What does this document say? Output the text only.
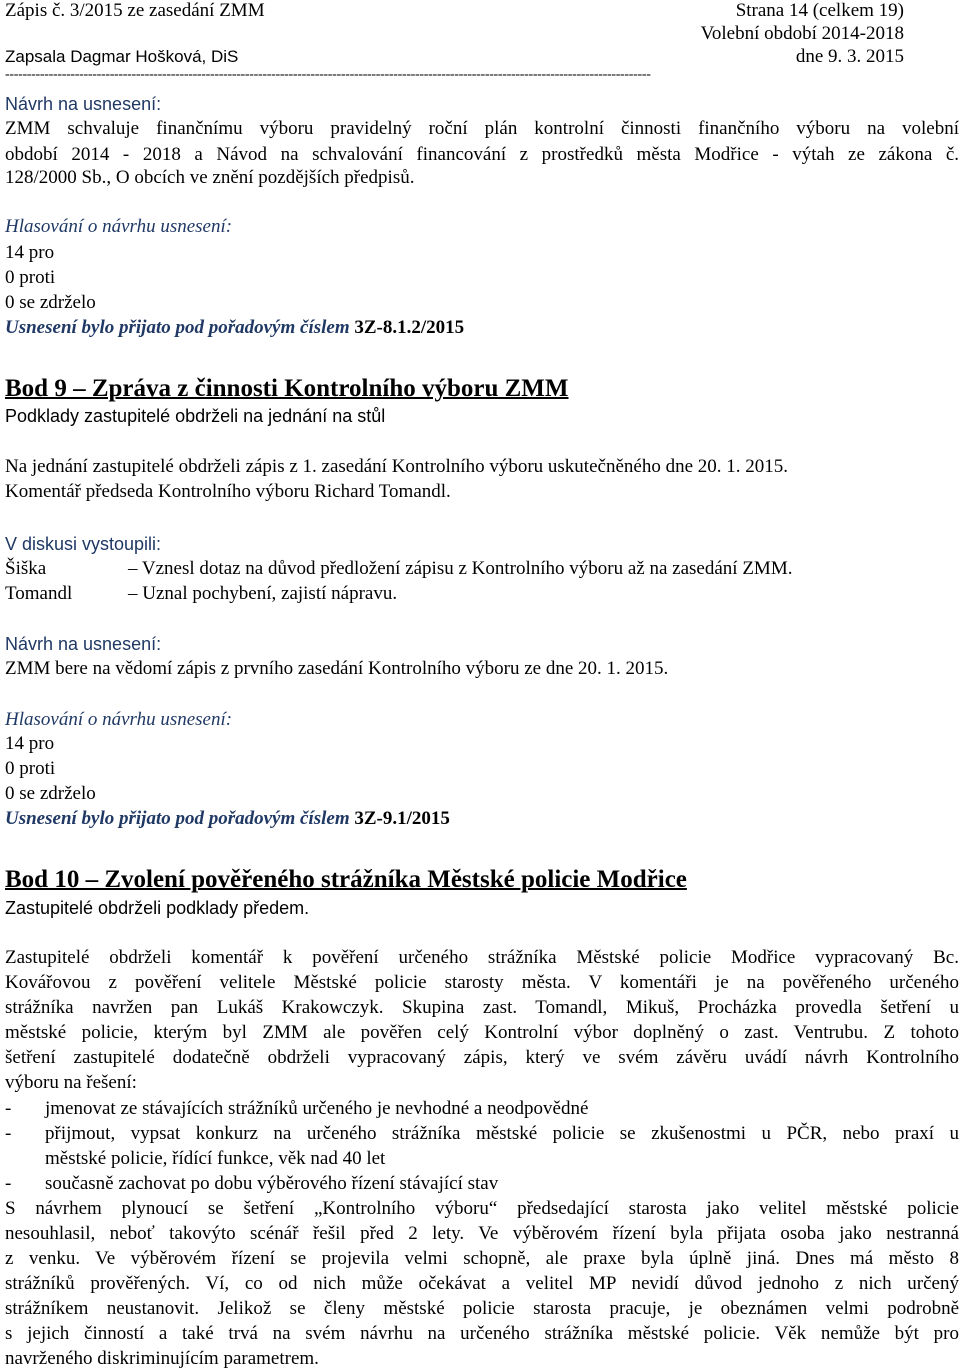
Zápis č. 3/2015 ze zasedání ZMM	Strana 14 (celkem 19)
Volební období 2014-2018
Zapsala Dagmar Hošková, DiS	dne 9. 3. 2015
----------------------------------------------------------------------------------------------------------------------------------------------------
Návrh na usnesení:
ZMM schvaluje finančnímu výboru pravidelný roční plán kontrolní činnosti finančního výboru na volební
období 2014 - 2018 a Návod na schvalování financování z prostředků města Modřice - výtah ze zákona č.
128/2000 Sb., O obcích ve znění pozdějších předpisů.
Hlasování o návrhu usnesení:
14 pro
0 proti
0 se zdrželo
Usnesení bylo přijato pod pořadovým číslem 3Z-8.1.2/2015
Bod 9 – Zpráva z činnosti Kontrolního výboru ZMM
Podklady zastupitelé obdrželi na jednání na stůl
Na jednání zastupitelé obdrželi zápis z 1. zasedání Kontrolního výboru uskutečněného dne 20. 1. 2015.
Komentář předseda Kontrolního výboru Richard Tomandl.
V diskusi vystoupili:
Šiška	– Vznesl dotaz na důvod předložení zápisu z Kontrolního výboru až na zasedání ZMM.
Tomandl	– Uznal pochybení, zajistí nápravu.
Návrh na usnesení:
ZMM bere na vědomí zápis z prvního zasedání Kontrolního výboru ze dne 20. 1. 2015.
Hlasování o návrhu usnesení:
14 pro
0 proti
0 se zdrželo
Usnesení bylo přijato pod pořadovým číslem 3Z-9.1/2015
Bod 10 – Zvolení pověřeného strážníka Městské policie Modřice
Zastupitelé obdrželi podklady předem.
Zastupitelé obdrželi komentář k pověření určeného strážníka Městské policie Modřice vypracovaný Bc.
Kovářovou z pověření velitele Městské policie starosty města. V komentáři je na pověřeného určeného
strážníka navržen pan Lukáš Krakowczyk. Skupina zast. Tomandl, Mikuš, Procházka provedla šetření u
městské policie, kterým byl ZMM ale pověřen celý Kontrolní výbor doplněný o zast. Ventrubu. Z tohoto
šetření zastupitelé dodatečně obdrželi vypracovaný zápis, který ve svém závěru uvádí návrh Kontrolního
výboru na řešení:
- jmenovat ze stávajících strážníků určeného je nevhodné a neodpovědné
- přijmout, vypsat konkurz na určeného strážníka městské policie se zkušenostmi u PČR, nebo praxí u
městské policie, řídící funkce, věk nad 40 let
- současně zachovat po dobu výběrového řízení stávající stav
S návrhem plynoucí se šetření „Kontrolního výboru“ předsedající starosta jako velitel městské policie
nesouhlasil, neboť takovýto scénář řešil před 2 lety. Ve výběrovém řízení byla přijata osoba jako nestranná
z venku. Ve výběrovém řízení se projevila velmi schopně, ale praxe byla úplně jiná. Dnes má město 8
strážníků prověřených. Ví, co od nich může očekávat a velitel MP nevidí důvod jednoho z nich určený
strážníkem neustanovit. Jelikož se členy městské policie starosta pracuje, je obeznámen velmi podrobně
s jejich činností a také trvá na svém návrhu na určeného strážníka městské policie. Věk nemůže být pro
navrženého diskriminujícím parametrem.
